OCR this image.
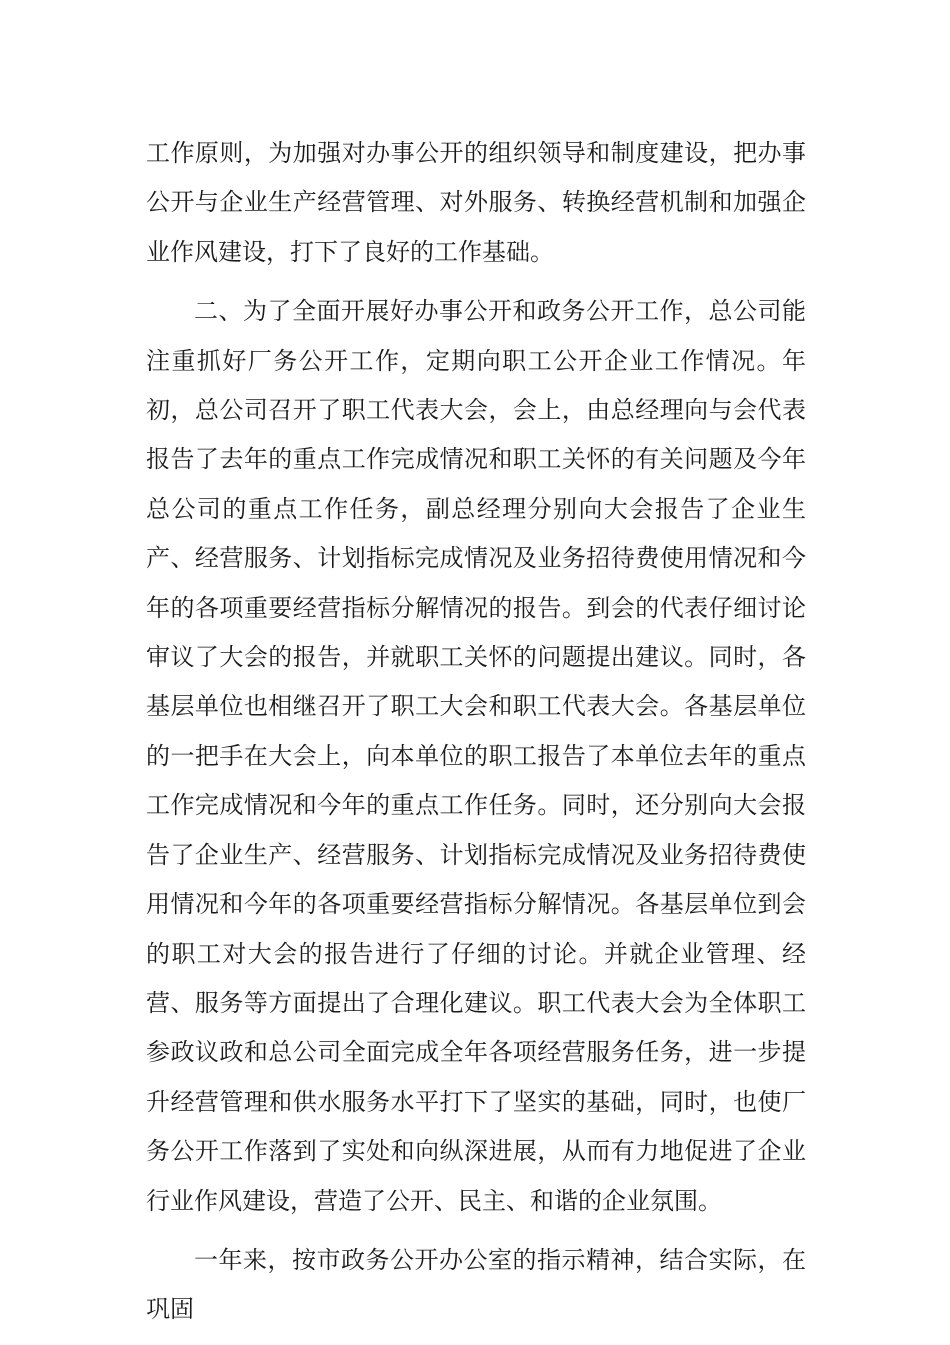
工作原则，为加强对办事公开的组织领导和制度建设，把办事公开与企业生产经营管理、对外服务、转换经营机制和加强企业作风建设，打下了良好的工作基础。

二、为了全面开展好办事公开和政务公开工作，总公司能注重抓好厂务公开工作，定期向职工公开企业工作情况。年初，总公司召开了职工代表大会，会上，由总经理向与会代表报告了去年的重点工作完成情况和职工关怀的有关问题及今年总公司的重点工作任务，副总经理分别向大会报告了企业生产、经营服务、计划指标完成情况及业务招待费使用情况和今年的各项重要经营指标分解情况的报告。到会的代表仔细讨论审议了大会的报告，并就职工关怀的问题提出建议。同时，各基层单位也相继召开了职工大会和职工代表大会。各基层单位的一把手在大会上，向本单位的职工报告了本单位去年的重点工作完成情况和今年的重点工作任务。同时，还分别向大会报告了企业生产、经营服务、计划指标完成情况及业务招待费使用情况和今年的各项重要经营指标分解情况。各基层单位到会的职工对大会的报告进行了仔细的讨论。并就企业管理、经营、服务等方面提出了合理化建议。职工代表大会为全体职工参政议政和总公司全面完成全年各项经营服务任务，进一步提升经营管理和供水服务水平打下了坚实的基础，同时，也使厂务公开工作落到了实处和向纵深进展，从而有力地促进了企业行业作风建设，营造了公开、民主、和谐的企业氛围。

一年来，按市政务公开办公室的指示精神，结合实际，在巩固
